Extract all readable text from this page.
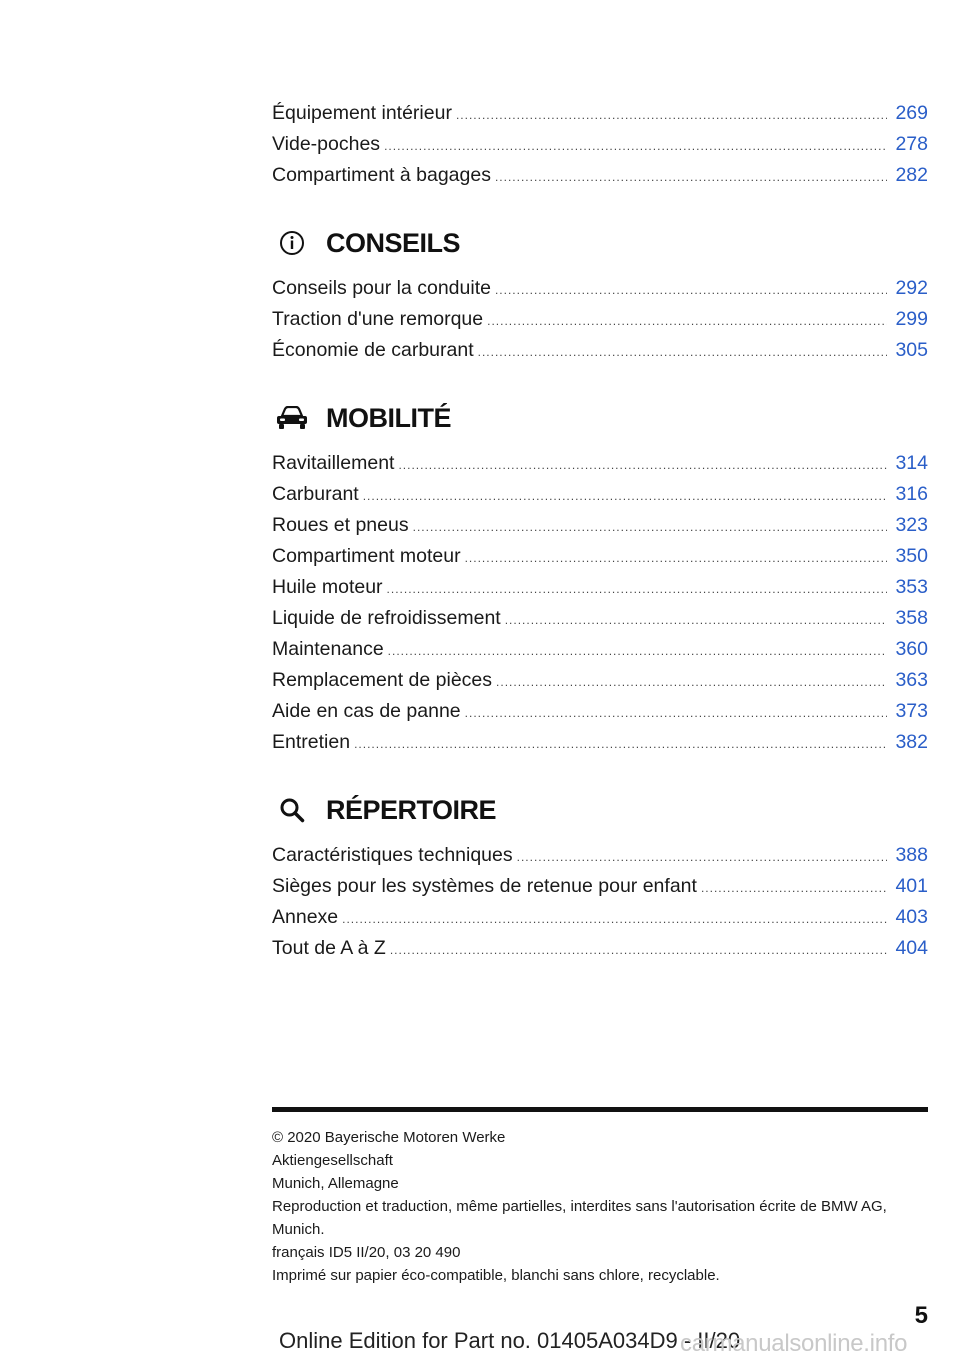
Équipement intérieur .....	269
Vide-poches .....	278
Compartiment à bagages .....	282
CONSEILS
Conseils pour la conduite .....	292
Traction d'une remorque .....	299
Économie de carburant .....	305
MOBILITÉ
Ravitaillement .....	314
Carburant .....	316
Roues et pneus .....	323
Compartiment moteur .....	350
Huile moteur .....	353
Liquide de refroidissement .....	358
Maintenance .....	360
Remplacement de pièces .....	363
Aide en cas de panne .....	373
Entretien .....	382
RÉPERTOIRE
Caractéristiques techniques .....	388
Sièges pour les systèmes de retenue pour enfant .....	401
Annexe .....	403
Tout de A à Z .....	404
© 2020 Bayerische Motoren Werke
Aktiengesellschaft
Munich, Allemagne
Reproduction et traduction, même partielles, interdites sans l'autorisation écrite de BMW AG,
Munich.
français ID5 II/20, 03 20 490
Imprimé sur papier éco-compatible, blanchi sans chlore, recyclable.
5
Online Edition for Part no. 01405A034D9 - II/20
carmanualsonline.info
